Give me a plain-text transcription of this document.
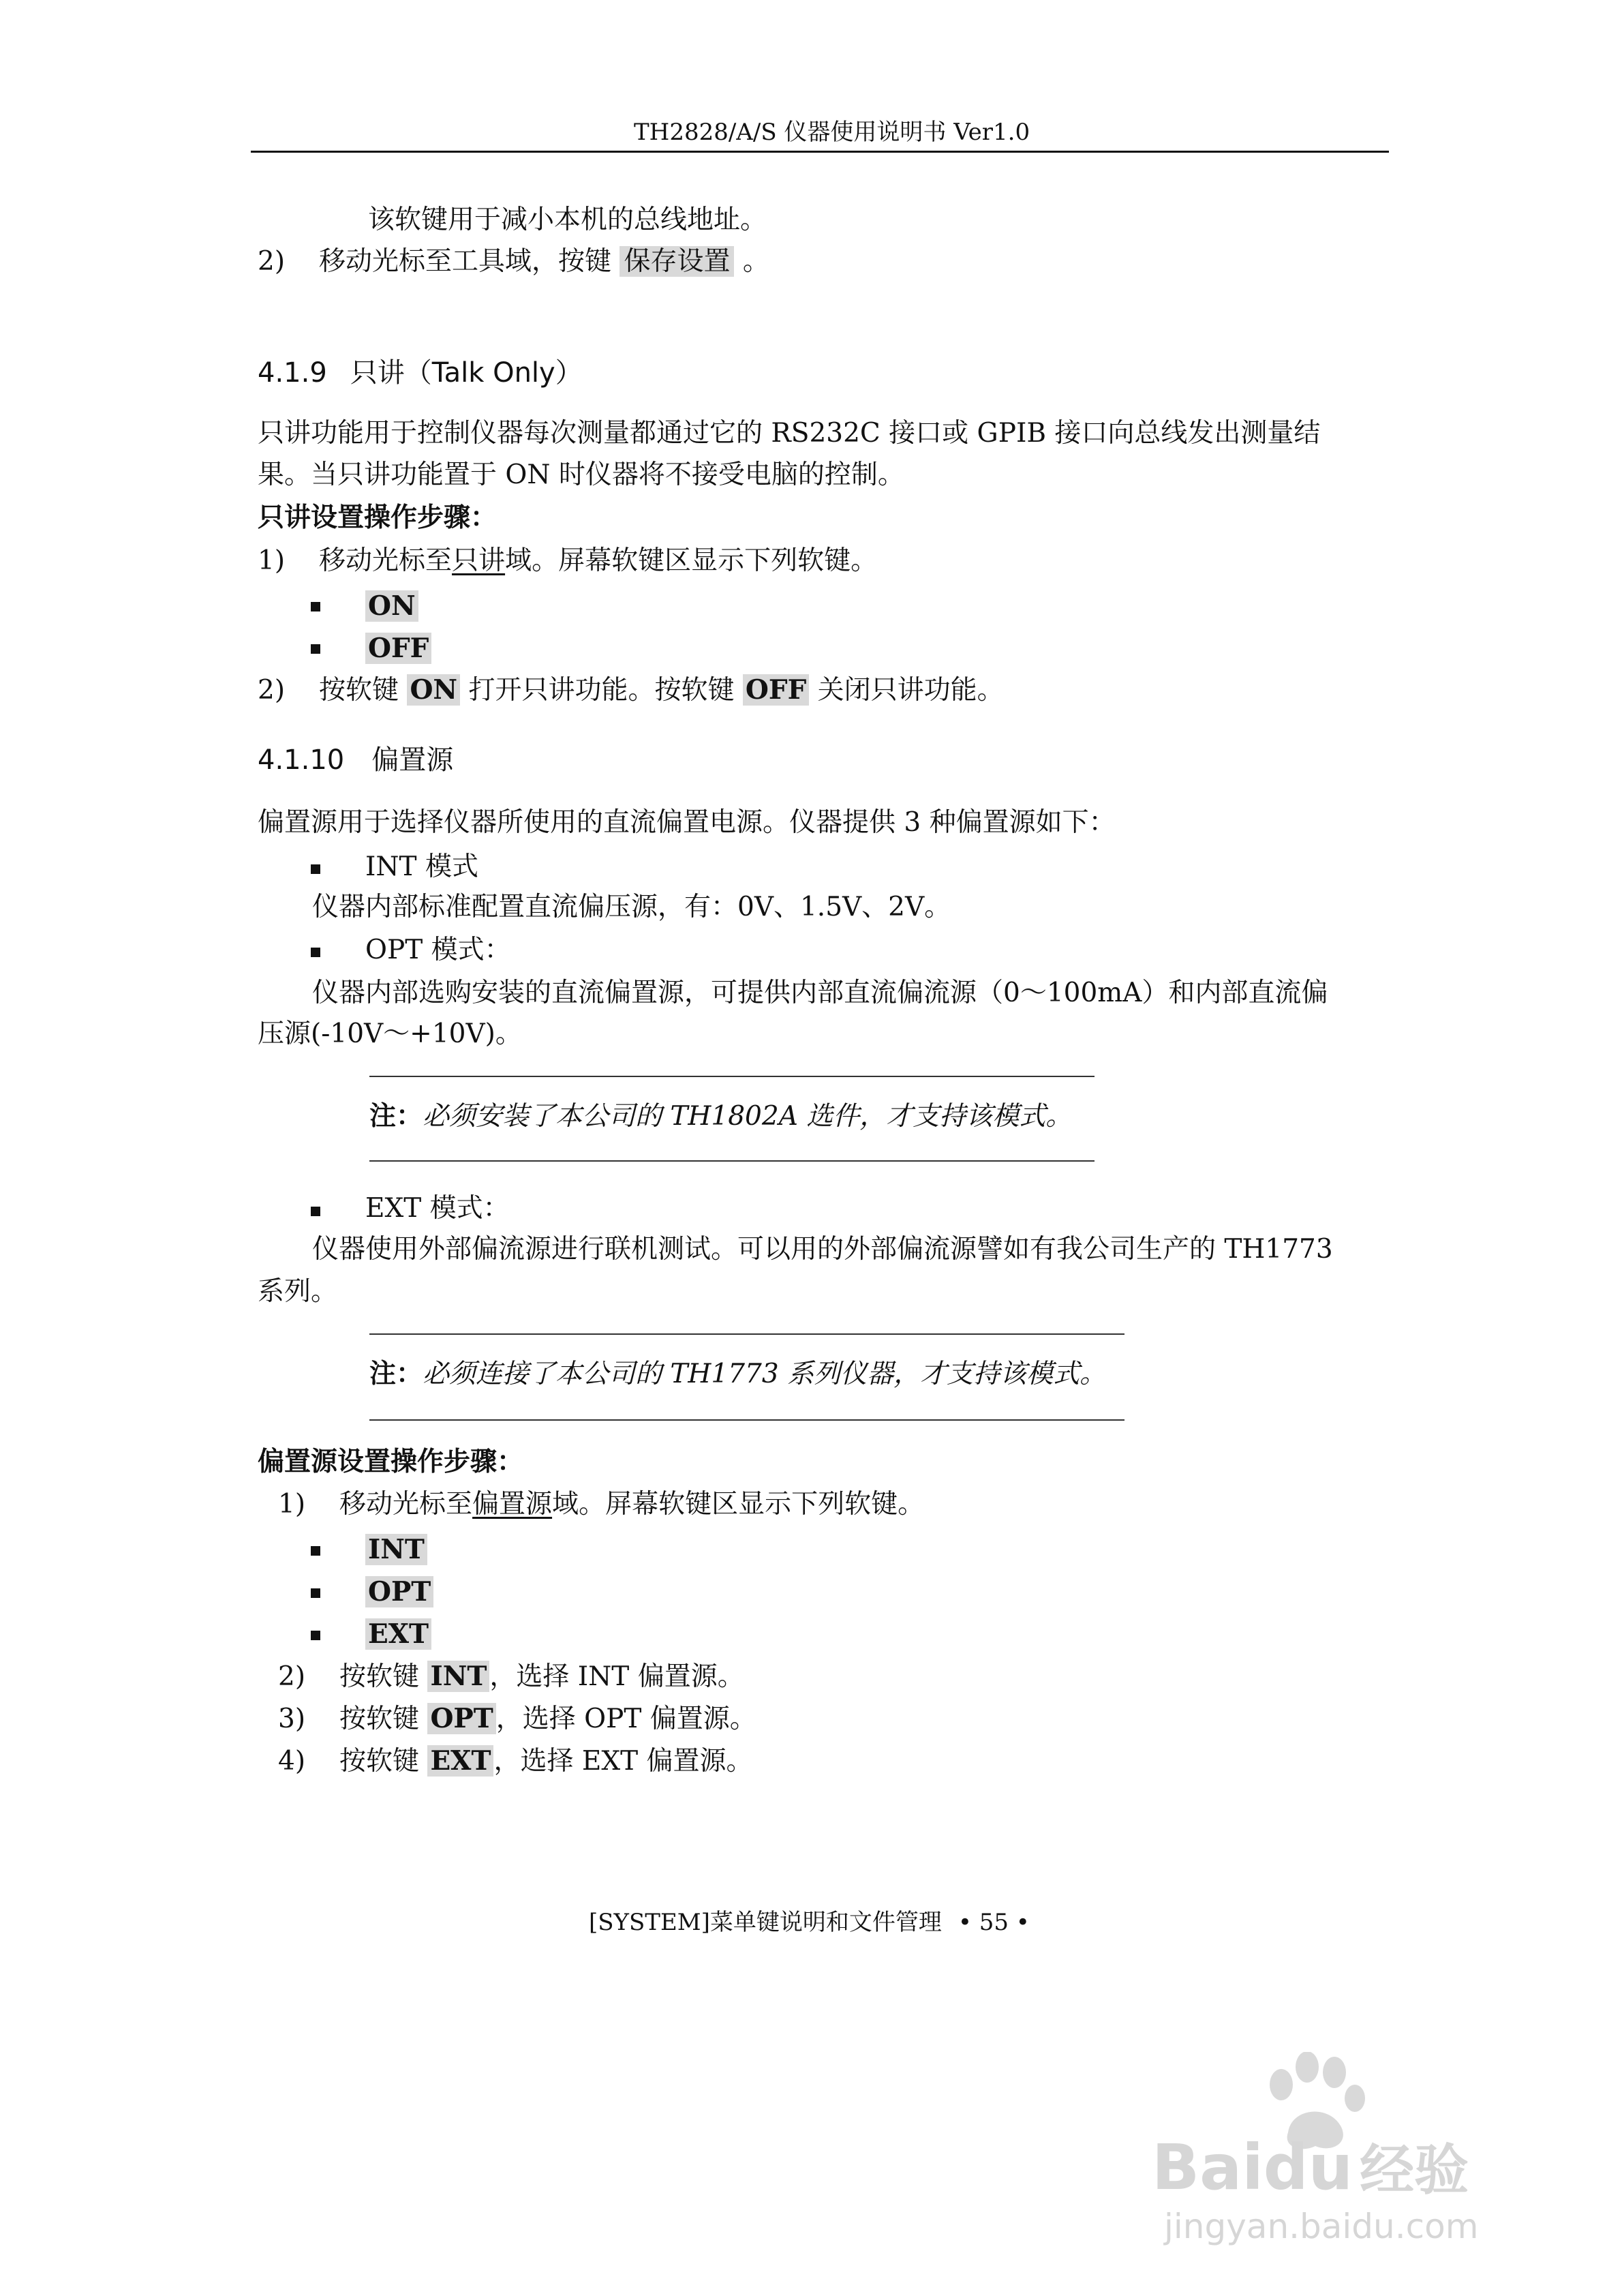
TH2828/A/S 仪器使用说明书 Ver1.0
该软键用于减小本机的总线地址。
2) 移动光标至工具域，按键 保存设置 。
4.1.9 只讲（Talk Only）
只讲功能用于控制仪器每次测量都通过它的 RS232C 接口或 GPIB 接口向总线发出测量结
果。当只讲功能置于 ON 时仪器将不接受电脑的控制。
只讲设置操作步骤：
1) 移动光标至只讲域。屏幕软键区显示下列软键。
ON
OFF
2) 按软键 ON 打开只讲功能。按软键 OFF 关闭只讲功能。
4.1.10 偏置源
偏置源用于选择仪器所使用的直流偏置电源。仪器提供 3 种偏置源如下：
INT 模式
仪器内部标准配置直流偏压源，有：0V、1.5V、2V。
OPT 模式：
仪器内部选购安装的直流偏置源，可提供内部直流偏流源（0～100mA）和内部直流偏
压源(-10V～+10V)。
注：必须安装了本公司的 TH1802A 选件，才支持该模式。
EXT 模式：
仪器使用外部偏流源进行联机测试。可以用的外部偏流源譬如有我公司生产的 TH1773
系列。
注：必须连接了本公司的 TH1773 系列仪器，才支持该模式。
偏置源设置操作步骤：
1) 移动光标至偏置源域。屏幕软键区显示下列软键。
INT
OPT
EXT
2) 按软键 INT ，选择 INT 偏置源。
3) 按软键 OPT ，选择 OPT 偏置源。
4) 按软键 EXT ，选择 EXT 偏置源。
[SYSTEM]菜单键说明和文件管理 • 55 •
Baidu 经验
jingyan.baidu.com
